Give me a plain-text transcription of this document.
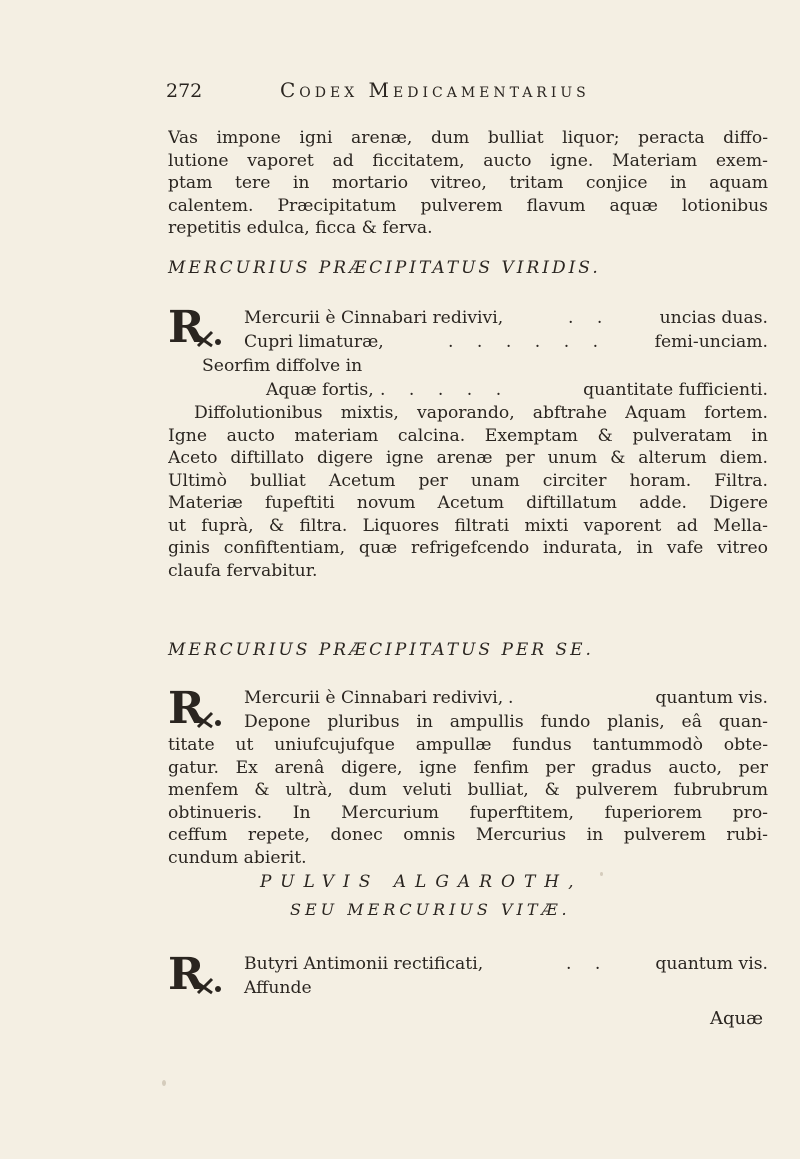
272	Codex Medicamentarius
Vas impone igni arenæ, dum bulliat liquor; peracta diffo-
lutione vaporet ad ficcitatem, aucto igne. Materiam exem-
ptam tere in mortario vitreo, tritam conjice in aquam
calentem. Præcipitatum pulverem flavum aquæ lotionibus
repetitis edulca, ficca & ferva.
MERCURIUS PRÆCIPITATUS VIRIDIS.
R Mercurii è Cinnabari redivivi,	. .	uncias duas.
Cupri limaturæ,	. . . . . .	femi-unciam.
Seorfim diffolve in
Aquæ fortis, . . . . .	quantitate fufficienti.
Diffolutionibus mixtis, vaporando, abftrahe Aquam fortem.
Igne aucto materiam calcina. Exemptam & pulveratam in
Aceto diftillato digere igne arenæ per unum & alterum diem.
Ultimò bulliat Acetum per unam circiter horam. Filtra.
Materiæ fupeftiti novum Acetum diftillatum adde. Digere
ut fuprà, & filtra. Liquores filtrati mixti vaporent ad Mella-
ginis confiftentiam, quæ refrigefcendo indurata, in vafe vitreo
claufa fervabitur.
MERCURIUS PRÆCIPITATUS PER SE.
R Mercurii è Cinnabari redivivi, .	quantum vis.
Depone pluribus in ampullis fundo planis, eâ quan-
titate ut uniufcujufque ampullæ fundus tantummodò obte-
gatur. Ex arenâ digere, igne fenfim per gradus aucto, per
menfem & ultrà, dum veluti bulliat, & pulverem fubrubrum
obtinueris. In Mercurium fuperftitem, fuperiorem pro-
ceffum repete, donec omnis Mercurius in pulverem rubi-
cundum abierit.
PULVIS ALGAROTH,
SEU MERCURIUS VITÆ.
R Butyri Antimonii rectificati,	. .	quantum vis.
Affunde
Aquæ
